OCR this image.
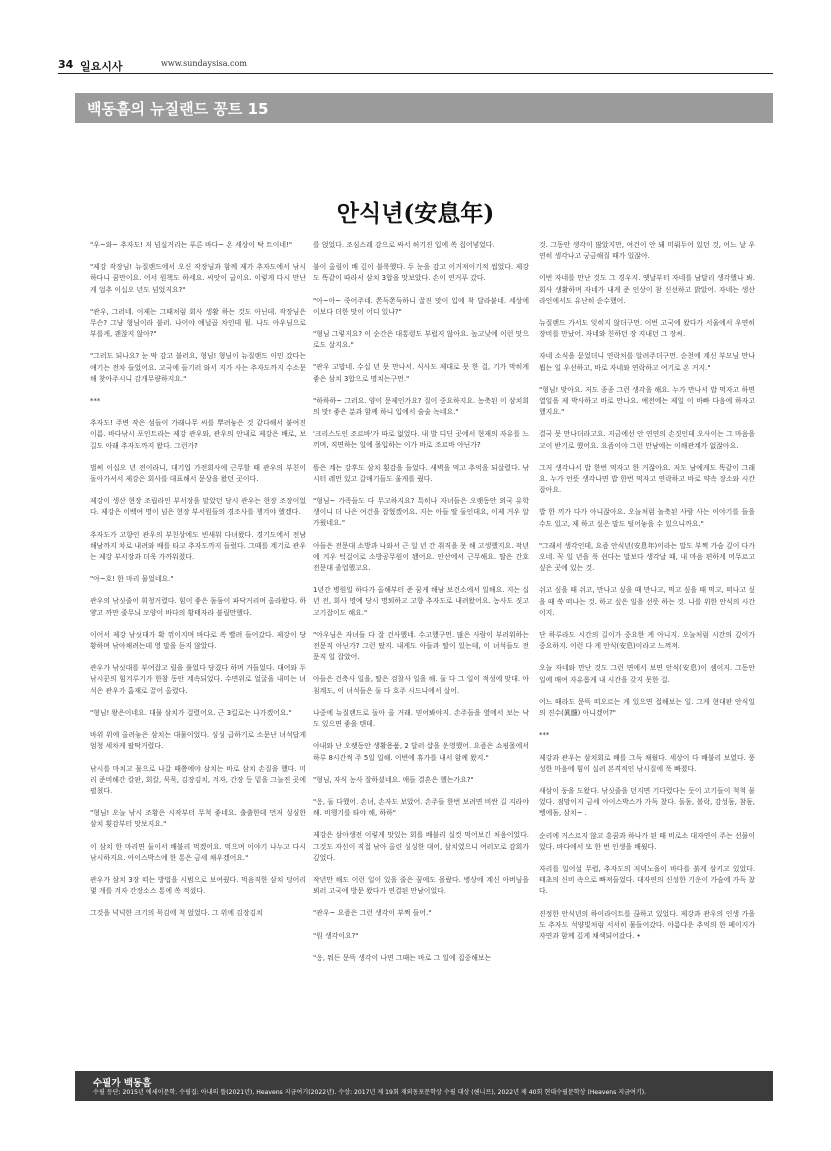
34 일요시사	www.sundaysisa.com
백동흠의 뉴질랜드 꽁트 15
안식년(安息年)

"우~와~ 추자도! 저 넘실거리는 푸른 바다~ 온 세상이 탁 트이네!"

"제강 작장님! 뉴질랜드에서 오신 작장님과 함께 제가 추자도에서 낚시 하다니 꿈만이요. 어서 원책도 하세요. 씨앗이 굽이요. 이렇게 다시 만난 게 얼추 이십오 년도 넘었지요?"

"관우, 그러네. 이제는 그때처럼 회사 생활 하는 것도 아닌데. 작장님은 무슨? 그냥 형님이라 불러. 나이야 예닐곱 차인데 뭘. 나도 아우님으로 부를게, 괜찮지 않아?"

"그러도 되나요? 눈 딱 감고 불러요, 형님! 형님이 뉴질랜드 이민 갔다는 얘기는 전차 들었어요. 고국에 들기러 와서 지가 사는 추자도까지 수소문해 찾아주시니 감개무량하지요."

***

추자도! 주변 작은 섬들이 가래나무 씨를 뿌려놓은 것 같다해서 붙여진 이름. 바다낚시 포인트라는 제강 관우와, 관우의 안내로 제강은 배로, 보길도 아래 추자도까지 왔다. 그런가?

벌써 이십오 년 전이라니, 대기업 가전회사에 근무할 때 관우의 부친이 돌아가셔서 제강은 회사를 대표해서 문상을 왔던 곳이다.

제강이 생산 현장 조립라인 부서장을 맡았던 당시 관우는 현장 조장이었다. 제강은 이백여 명이 넘은 현장 부서원들의 경조사를 챙겨야 했겠다.

추자도가 고향인 관우의 부친상에도 빈새워 다녀왔다. 경기도에서 전남 해남까지 차로 내려와 배를 타고 추자도까지 들렀다. 그때를 계기로 관우는 제강 부서장과 더욱 가까워졌다.

"아~호! 한 마리 물었네요."

관우의 낚싯줄이 휘청거렸다. 힘이 좋은 돔돔이 파닥거리며 올라왔다. 하얗고 까만 줄무늬 모양이 바다의 황태자라 불릴만했다.

이어서 제강 낚싯대가 확 꺾이지며 바다로 쏙 빨려 들어갔다. 제강이 당황하며 낚아채려는데 영 말을 듣지 않았다.

관우가 낚싯대를 부여잡고 릴을 풀었다 당겼다 하며 거들었다. 대어와 두 낚시꾼의 힘겨루기가 한참 동안 계속되었다. 수면위로 얼굴을 내미는 녀석은 관우가 흡재로 끌어 올렸다.

"형님! 왕은이네요. 대물 삼치가 걸렸어요. 근 3킬로는 나가겠어요."

바위 위에 올려놓은 삼치는 대물이었다. 싱싱 급하기로 소문난 녀석답게 엄청 세차게 팔딱거렸다.

낚시를 마치고 물으로 나갈 때쯤에야 삼치는 바로 삼치 손질을 했다. 미리 준비해간 칼판, 회칼, 묵묵, 김장김치, 겨자, 간장 등 밑을 그늘진 곳에 펼쳤다.

"형님! 오늘 낚시 조황은 시작부터 무척 좋네요. 출출한데 먼저 싱싱한 삼치 횟감부터 맛보지요."

이 삼치 한 마리면 둘이서 배불리 먹겠어요. 먹으며 이야기 나누고 다시 낚시하지요. 아이스박스에 한 통은 금세 채우겠어요."

관우가 삼치 3장 떠는 방법을 시범으로 보여줬다. 먹음직한 삼치 덩어리 몇 개를 겨자 간장소스 통에 쏙 적셨다.

그것을 넉넉한 크기의 묵김에 척 얹었다. 그 위에 김장김치

를 얹었다. 조심스레 감으로 싸서 허기진 입에 쏙 집어넣었다.

불이 올림이 배 깊이 불룩했다. 두 눈을 감고 이거져이기적 씹었다. 제강도 똑같이 따라서 삼치 3합을 맛보았다. 손이 연거푸 갔다.

"아~아~ 죽어주네. 쫀득쫀득하니 꿀진 맛이 입에 착 달라붙네. 세상에 이보다 더한 맛이 어디 있나?"

"형님 그렇지요? 이 순간은 대통령도 부럽지 않아요. 높고낮에 이런 맛으로도 살지요."

"관우 고맙네. 수십 년 못 만나서. 식사도 제대로 못 한 걸, 기가 막히게 좋은 삼치 3합으로 명치는구먼."

"하하하~ 그러요. 양이 문제인가요? 질이 중요하지요. 농축된 이 삼치회의 맛! 좋은 분과 함께 하니 입에서 술술 녹네요."

'크리스도인 조르바'가 따로 없었다. 내 발 디딘 곳에서 현재의 자유를 느끼며, 직면하는 일에 몰입하는 이가 바로 조르바 아닌가?

뜸은 계는 강후도 삼치 횟감을 들었다. 새벽을 먹고 추억을 되살렸다. 낚시터 레먼 있고 갈매기들도 울게를 줬다.

"형님~ 가족들도 다 무고하지요? 특히나 자녀들은 오랫동안 외국 유학 생이니 더 나은 여건을 잡혔겠어요. 지는 아들 딸 둘인데요, 이제 거우 알가웠네요."

아들은 전문대 소방과 나와서 근 일 년 간 취직을 못 해 고생했지요. 작년에 겨우 턱걸이로 소방공무원이 됐어요. 안산에서 근무해요. 딸은 간호 전문대 졸업했고요.

1년간 병원일 하다가 올해부터 준 꿈게 해남 보건소에서 일해요. 지는 십 년 전, 회사 명예 당시 명퇴하고 고향 추자도로 내려왔어요. 농사도 짓고 고기잡이도 해요."

"아우님은 자녀들 다 잘 건사했네. 수고했구먼. 많은 사람이 부러워하는 전문직 아닌가? 그런 땄지. 내게도 아들과 딸이 있는데, 이 녀석들도 전문직 일 잡았어.

아들은 건축사 일을, 딸은 검찰사 일을 해. 둘 다 그 일이 적성에 맞대. 아침계도, 이 녀석들은 둘 다 호주 시드니에서 살어.

나중에 뉴질랜드로 돌아 올 거래. 믿어봐야지. 손주들을 옆에서 보는 낙도 있으면 좋을 텐데.

아내와 난 오랫동안 생활용품, 2 달러 샵을 운영했어. 요즘은 쇼핑몰에서 하루 8시간씩 주 5일 일해. 이번에 휴가를 내서 함께 왔지."

"형님, 자식 농사 잘하셨네요. 애들 결혼은 했는가요?"

"응, 둘 다했어. 손녀, 손자도 보았어. 손주들 한번 보려면 비싼 길 지라야 해. 비행기를 타야 해, 하하"

제강은 삼아생전 이렇게 맛있는 회를 배불리 실컷 먹어보긴 처음이었다. 그것도 자신이 직접 낚아 올린 싱싱한 대어, 삼치였으니 여러모로 감회가 깊었다.

작년만 해도 이런 일이 있을 줄은 꿈에도 몰랐다. 병상에 계신 아버님을 뵈러 고국에 방문 왔다가 연결된 만남이었다.

"관우~ 요즘은 그런 생각이 부쩍 들어."

"뭔 생각이요?"

"응, 뭐든 문뜩 생각이 나면 그때는 바로 그 일에 집중해보는

것. 그동안 생각이 많았지만, 여건이 안 돼 미뤄두어 있던 것, 어느 날 우연히 생각나고 궁금해질 때가 있잖아.

이번 자네를 만난 것도 그 경우지. 옛날부터 자네를 남달리 생각했나 봐. 회사 생활하며 자네가 내게 준 인상이 참 신선하고 밝았어. 자네는 생산라인에서도 유난히 순수했어.

뉴질랜드 가서도 잊히지 않더구먼. 이번 고국에 왔다가 서울에서 우연히 장비를 만났어. 자네와 친하던 장 지내던 그 장씨.

자네 소식을 묻었더니 연락처를 알려주더구먼. 순천에 계신 부모님 만나 뵙는 일 우선하고, 바로 자네와 연락하고 여기로 온 거지."

"형님! 맞아요. 저도 종종 그런 생각을 해요. 누가 만나서 밥 먹자고 하면 열일을 제 박사하고 바로 만나요. 예전에는 제일 이 바빠 다음에 하자고 했지요."

결국 못 만나더라고요. 지금에선 안 연연의 손짓인데 오사이는 그 마음을 고이 받기로 했어요. 요즘이야 그런 만남에는 이해관계가 없잖아요.

그저 생각나서 밥 한번 먹자고 한 거잖아요. 저도 남에게도 똑같이 그래요. 누가 언뜻 생각나면 밥 한번 먹자고 연락하고 바로 약속 장소와 시간 잡아요.

밥 한 끼가 다가 아니잖아요. 오늘처럼 놀축된 사람 사는 이야기를 들을 수도 있고, 제 하고 싶은 말도 털어놓을 수 있으니까요."

"그래서 생각인데, 요즘 안식년(安息年)이라는 말도 부쩍 가슴 깊이 다가오네. 꼭 일 년을 푹 쉰다는 말보다 생각날 때, 내 마음 편하게 머무르고 싶은 곳에 있는 것.

쉬고 싶을 때 쉬고, 만나고 싶을 때 만나고, 먹고 싶을 때 먹고, 떠나고 싶을 때 쑥 떠나는 것. 하고 싶은 일을 선뜻 하는 것. 나를 위한 안식의 시간이지.

단 하루라도 시간의 길이가 중요한 게 아니지. 오늘처럼 시간의 깊이가 중요하지. 이런 다 게 안식(安息)이라고 느껴져.

오늘 자네와 만난 것도 그런 면에서 보면 안식(安息)이 셈이지. 그동안 일에 매여 자유롭게 내 시간을 갖지 못한 걸.

어느 때라도 문뜩 떠오르는 게 있으면 접해보는 일. 그게 현대판 안식일의 진수(眞髓) 아니겠어?"

***

제강과 관우는 삼치회로 배를 그득 채웠다. 세상이 다 배불리 보였다. 풍성한 마음에 힘이 실려 본격적인 낚시질에 푹 빠졌다.

새삼이 둥을 도왔다. 낚싯줄을 던지면 기다렸다는 듯이 고기들이 척척 물었다. 점맘이지 금세 아이스박스가 가득 찼다. 돌돔, 볼락, 감성돔, 참돔, 벵에돔, 삼치~ .

순리에 거스르지 않고 흥꿈과 하나가 된 때 비로소 대자연이 주는 선물이었다. 바다에서 또 한 번 인생을 배웠다.

자리를 일어설 무렵, 추자도의 저녁노을이 바다를 붉게 삼키고 있었다. 태초의 신비 속으로 빠져들었다. 대자연의 신성한 기운이 가슴에 가득 찼다.

진정한 안식년의 하이라이트를 끊하고 있었다. 제강과 관우의 인생 가을도 추자도 석양빛처럼 서서히 물들어갔다. 아름다운 추억의 한 페이지가 자연과 함께 깊게 채색되어갔다. •

수필가 백동흠
수필 등단: 2015년 에세이문학. 수필집: 아내의 뜰(2021년), Heavens 지금여기(2022년). 수상: 2017년 제 19회 재외동포문학상 수필 대상 (헨니프), 2022년 제 40회 현대수필문학상 (Heavens 지금여기).
